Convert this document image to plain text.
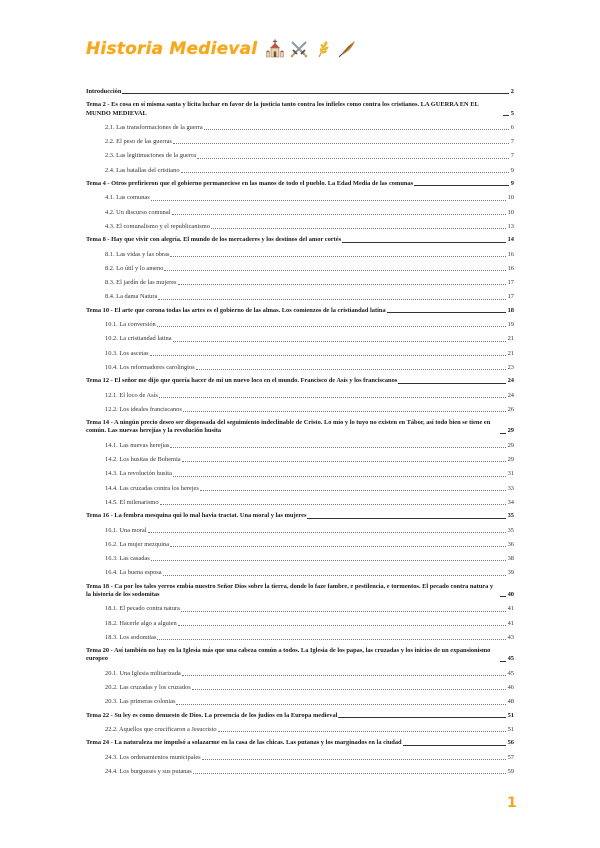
Historia Medieval
Introducción	2
Tema 2 - Es cosa en sí misma santa y lícita luchar en favor de la justicia tanto contra los infieles como contra los cristianos. LA GUERRA EN EL MUNDO MEDIEVAL	5
2.1. Las transformaciones de la guerra	6
2.2. El peso de las guerras	7
2.3. Las legitimaciones de la guerra	7
2.4. Las batallas del cristiano	9
Tema 4 - Otros prefirieron que el gobierno permaneciese en las manos de todo el pueblo. La Edad Media de las comunas	9
4.1. Las comunas	10
4.2. Un discurso comunal	10
4.3. El comunalismo y el republicanismo	13
Tema 8 - Hay que vivir con alegría. El mundo de los mercaderes y los destinos del amor cortés	14
8.1. Las vidas y las obras	16
8.2. Lo útil y lo ameno	16
8.3. El jardín de las mujeres	17
8.4. La dama Natura	17
Tema 10 - El arte que corona todas las artes es el gobierno de las almas. Los comienzos de la cristiandad latina	18
10.1. La conversión	19
10.2. La cristiandad latina	21
10.3. Los ascetas	21
10.4. Los reformadores carolingios	23
Tema 12 - El señor me dijo que quería hacer de mí un nuevo loco en el mundo. Francisco de Asís y los franciscanos	24
12.1. El loco de Asís	24
12.2. Los ideales franciscanos	26
Tema 14 - A ningún precio deseo ser dispensada del seguimiento indeclinable de Cristo. Lo mío y lo tuyo no existen en Tábor, así todo bien se tiene en común. Las nuevas herejías y la revolución husita	29
14.1. Las nuevas herejías	29
14.2. Los husitas de Bohemia	29
14.3. La revolución husita	31
14.4. Las cruzadas contra los herejes	33
14.5. El milenarismo	34
Tema 16 - La fembra mesquina qui lo mal havia tractat. Una moral y las mujeres	35
16.1. Una moral	35
16.2. La mujer mezquina	36
16.3. Las casadas	38
16.4. La buena esposa	39
Tema 18 - Ca por los tales yerros embía nuestro Señor Dios sobre la tierra, donde lo faze fambre, e pestilencia, e tormentos. El pecado contra natura y la historia de los sodomitas	40
18.1. El pecado contra natura	41
18.2. Hacerle algo a alguien	41
18.3. Los sodomitas	43
Tema 20 - Así también no hay en la Iglesia más que una cabeza común a todos. La Iglesia de los papas, las cruzadas y los inicios de un expansionismo europeo	45
20.1. Una Iglesia militarizada	45
20.2. Las cruzadas y los cruzados	46
20.3. Las primeras colonias	48
Tema 22 - Su ley es como denuesto de Dios. La presencia de los judíos en la Europa medieval	51
22.2. Aquellos que crucificaron a Jesucristo	51
Tema 24 - La naturaleza me impulsó a solazarme en la casa de las chicas. Las putanas y los marginados en la ciudad	56
24.3. Los ordenamientos municipales	57
24.4. Los burgueses y sus putanas	59
1
